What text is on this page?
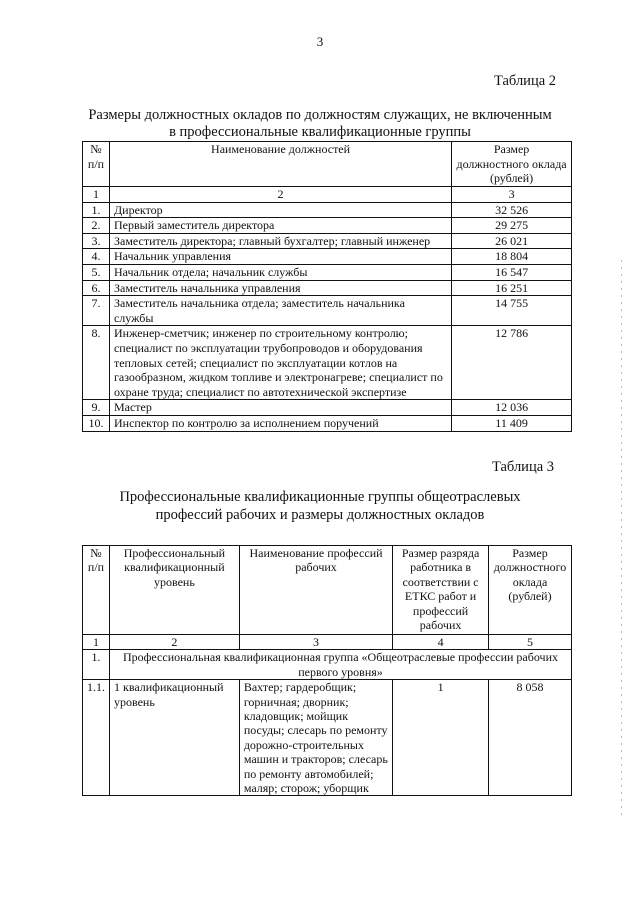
3
Таблица 2
Размеры должностных окладов по должностям служащих, не включенным
в профессиональные квалификационные группы
№ п/п	Наименование должностей	Размер должностного оклада (рублей)
1	2	3
1.	Директор	32 526
2.	Первый заместитель директора	29 275
3.	Заместитель директора; главный бухгалтер; главный инженер	26 021
4.	Начальник управления	18 804
5.	Начальник отдела; начальник службы	16 547
6.	Заместитель начальника управления	16 251
7.	Заместитель начальника отдела; заместитель начальника службы	14 755
8.	Инженер-сметчик; инженер по строительному контролю; специалист по эксплуатации трубопроводов и оборудования тепловых сетей; специалист по эксплуатации котлов на газообразном, жидком топливе и электронагреве; специалист по охране труда; специалист по автотехнической экспертизе	12 786
9.	Мастер	12 036
10.	Инспектор по контролю за исполнением поручений	11 409
Таблица 3
Профессиональные квалификационные группы общеотраслевых
профессий рабочих и размеры должностных окладов
№ п/п	Профессиональный квалификационный уровень	Наименование профессий рабочих	Размер разряда работника в соответствии с ЕТКС работ и профессий рабочих	Размер должностного оклада (рублей)
1	2	3	4	5
1.	Профессиональная квалификационная группа «Общеотраслевые профессии рабочих первого уровня»			
1.1.	1 квалификационный уровень	Вахтер; гардеробщик; горничная; дворник; кладовщик; мойщик посуды; слесарь по ремонту дорожно-строительных машин и тракторов; слесарь по ремонту автомобилей; маляр; сторож; уборщик	1	8 058
